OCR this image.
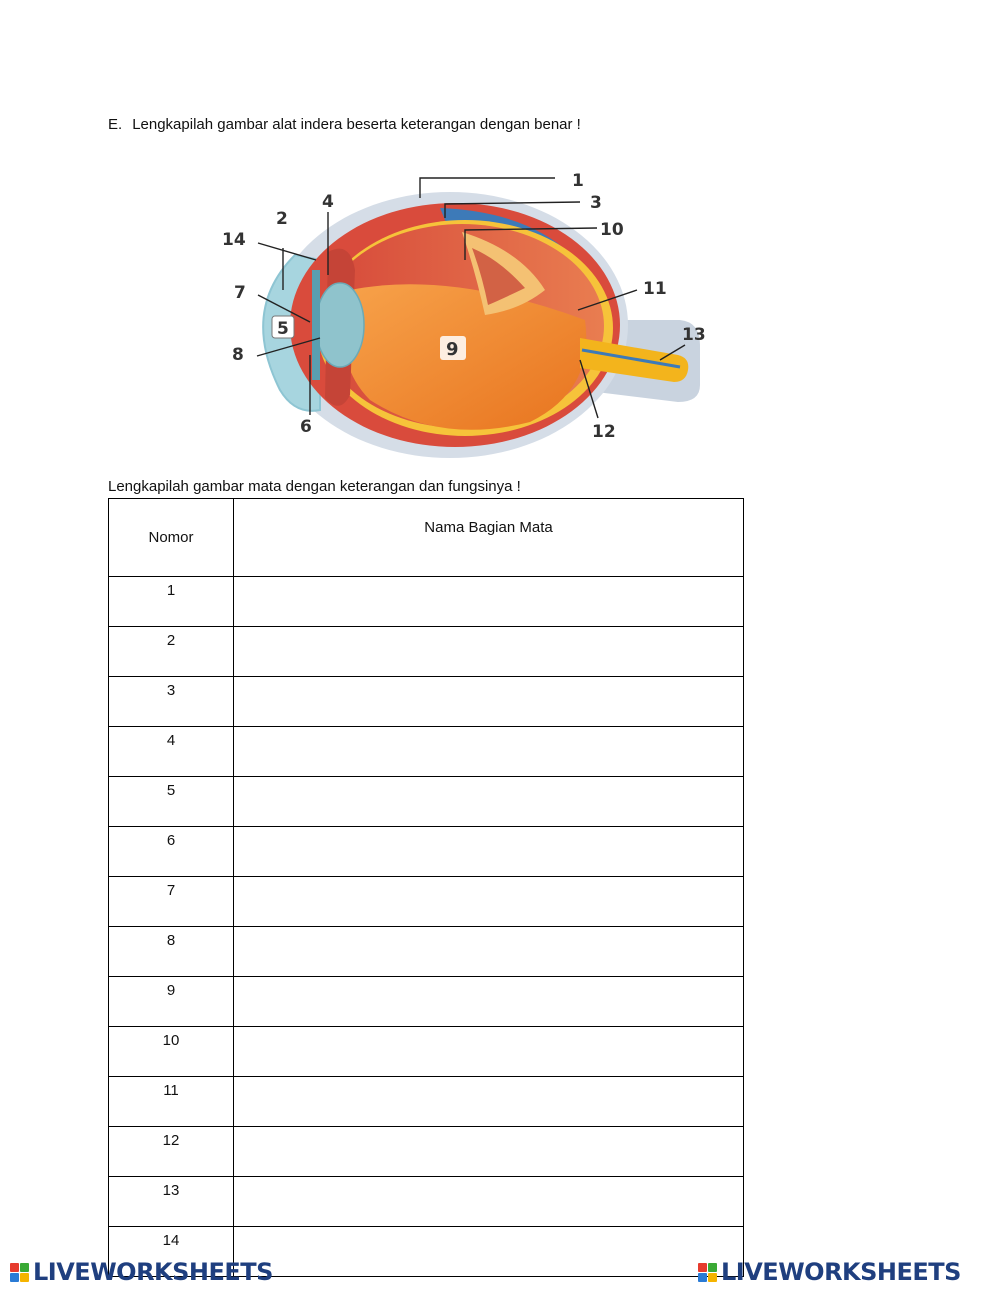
E. Lengkapilah gambar alat indera beserta keterangan dengan benar !
1
3
10
4
2
14
7
8
6
11
13
12
5
9
Lengkapilah gambar mata dengan keterangan dan fungsinya !
Nomor	Nama Bagian Mata
1	
2	
3	
4	
5	
6	
7	
8	
9	
10	
11	
12	
13	
14	
LIVEWORKSHEETS	LIVEWORKSHEETS
